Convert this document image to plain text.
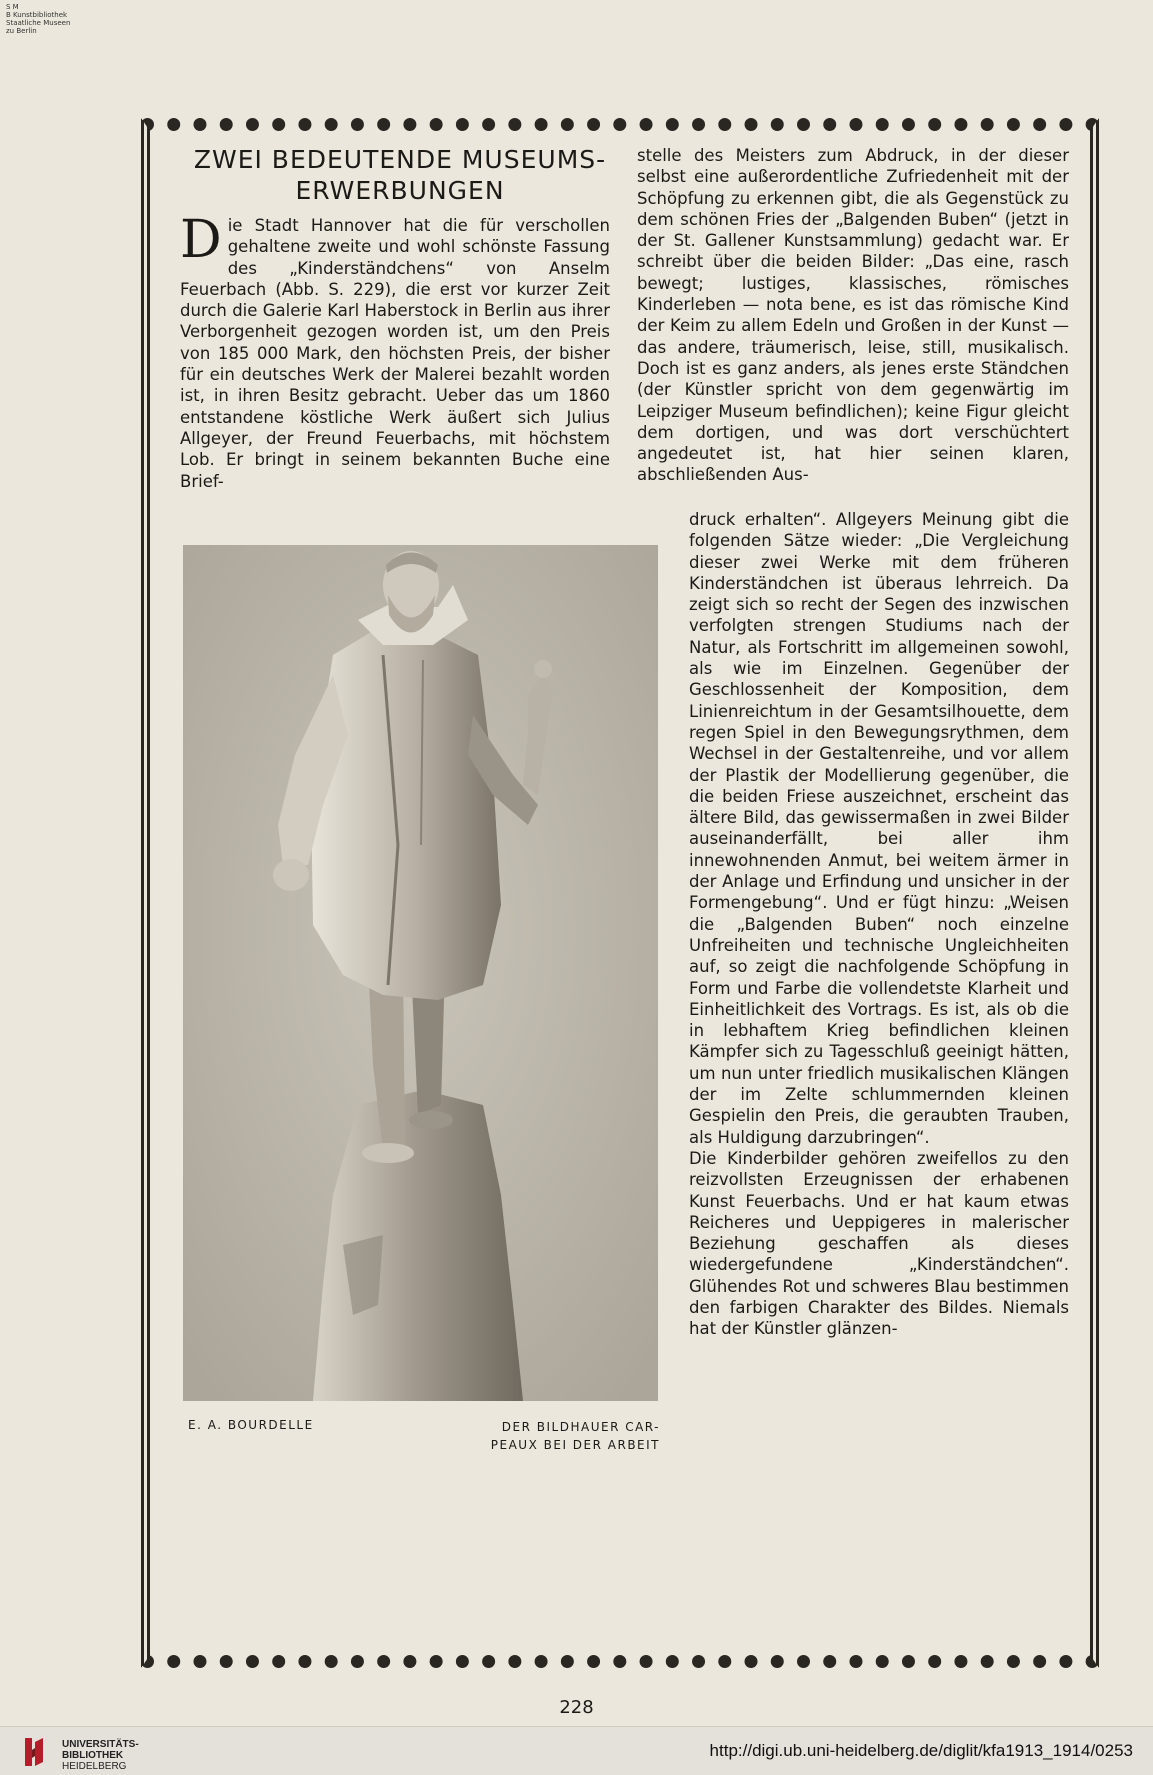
S M
B Kunstbibliothek
Staatliche Museen
zu Berlin
ZWEI BEDEUTENDE MUSEUMS-
ERWERBUNGEN
D ie Stadt Hannover hat die für verschollen gehaltene zweite und wohl schönste Fassung des „Kinderständchens“ von Anselm Feuerbach (Abb. S. 229), die erst vor kurzer Zeit durch die Galerie Karl Haberstock in Berlin aus ihrer Verborgenheit gezogen worden ist, um den Preis von 185 000 Mark, den höchsten Preis, der bisher für ein deutsches Werk der Malerei bezahlt worden ist, in ihren Besitz gebracht. Ueber das um 1860 entstandene köstliche Werk äußert sich Julius Allgeyer, der Freund Feuerbachs, mit höchstem Lob. Er bringt in seinem bekannten Buche eine Brief-

stelle des Meisters zum Abdruck, in der dieser selbst eine außerordentliche Zufriedenheit mit der Schöpfung zu erkennen gibt, die als Gegenstück zu dem schönen Fries der „Balgenden Buben“ (jetzt in der St. Gallener Kunstsammlung) gedacht war. Er schreibt über die beiden Bilder: „Das eine, rasch bewegt; lustiges, klassisches, römisches Kinderleben — nota bene, es ist das römische Kind der Keim zu allem Edeln und Großen in der Kunst — das andere, träumerisch, leise, still, musikalisch. Doch ist es ganz anders, als jenes erste Ständchen (der Künstler spricht von dem gegenwärtig im Leipziger Museum befindlichen); keine Figur gleicht dem dortigen, und was dort verschüchtert angedeutet ist, hat hier seinen klaren, abschließenden Aus-

druck erhalten“. Allgeyers Meinung gibt die folgenden Sätze wieder: „Die Vergleichung dieser zwei Werke mit dem früheren Kinderständchen ist überaus lehrreich. Da zeigt sich so recht der Segen des inzwischen verfolgten strengen Studiums nach der Natur, als Fortschritt im allgemeinen sowohl, als wie im Einzelnen. Gegenüber der Geschlossenheit der Komposition, dem Linienreichtum in der Gesamtsilhouette, dem regen Spiel in den Bewegungsrythmen, dem Wechsel in der Gestaltenreihe, und vor allem der Plastik der Modellierung gegenüber, die die beiden Friese auszeichnet, erscheint das ältere Bild, das gewissermaßen in zwei Bilder auseinanderfällt, bei aller ihm innewohnenden Anmut, bei weitem ärmer in der Anlage und Erfindung und unsicher in der Formengebung“. Und er fügt hinzu: „Weisen die „Balgenden Buben“ noch einzelne Unfreiheiten und technische Ungleichheiten auf, so zeigt die nachfolgende Schöpfung in Form und Farbe die vollendetste Klarheit und Einheitlichkeit des Vortrags. Es ist, als ob die in lebhaftem Krieg befindlichen kleinen Kämpfer sich zu Tagesschluß geeinigt hätten, um nun unter friedlich musikalischen Klängen der im Zelte schlummernden kleinen Gespielin den Preis, die geraubten Trauben, als Huldigung darzubringen“.
Die Kinderbilder gehören zweifellos zu den reizvollsten Erzeugnissen der erhabenen Kunst Feuerbachs. Und er hat kaum etwas Reicheres und Ueppigeres in malerischer Beziehung geschaffen als dieses wiedergefundene „Kinderständchen“. Glühendes Rot und schweres Blau bestimmen den farbigen Charakter des Bildes. Niemals hat der Künstler glänzen-

E. A. BOURDELLE	DER BILDHAUER CAR-
PEAUX BEI DER ARBEIT
228
UNIVERSITÄTS-
BIBLIOTHEK
HEIDELBERG
http://digi.ub.uni-heidelberg.de/diglit/kfa1913_1914/0253
